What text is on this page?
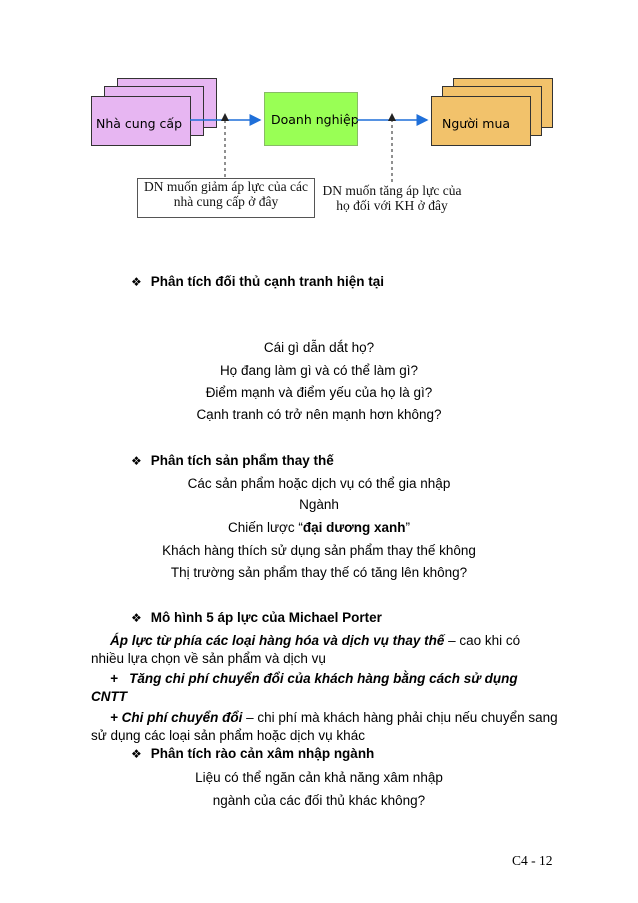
Nhà cung cấp	Doanh nghiệp	Người mua
DN muốn giảm áp lực của các nhà cung cấp ở đây
DN muốn tăng áp lực của họ đối với KH ở đây
❖ Phân tích đối thủ cạnh tranh hiện tại
Cái gì dẫn dắt họ?
Họ đang làm gì và có thể làm gì?
Điểm mạnh và điểm yếu của họ là gì?
Cạnh tranh có trở nên mạnh hơn không?
❖ Phân tích sản phẩm thay thế
Các sản phẩm hoặc dịch vụ có thể gia nhập
Ngành
Chiến lược “đại dương xanh”
Khách hàng thích sử dụng sản phẩm thay thế không
Thị trường sản phẩm thay thế có tăng lên không?
❖ Mô hình 5 áp lực của Michael Porter
Áp lực từ phía các loại hàng hóa và dịch vụ thay thế – cao khi có
nhiều lựa chọn về sản phẩm và dịch vụ
+   Tăng chi phí chuyển đổi của khách hàng bằng cách sử dụng
CNTT
+ Chi phí chuyển đổi – chi phí mà khách hàng phải chịu nếu chuyển sang
sử dụng các loại sản phẩm hoặc dịch vụ khác
❖ Phân tích rào cản xâm nhập ngành
Liệu có thể ngăn cản khả năng xâm nhập
ngành của các đối thủ khác không?
C4 - 12
